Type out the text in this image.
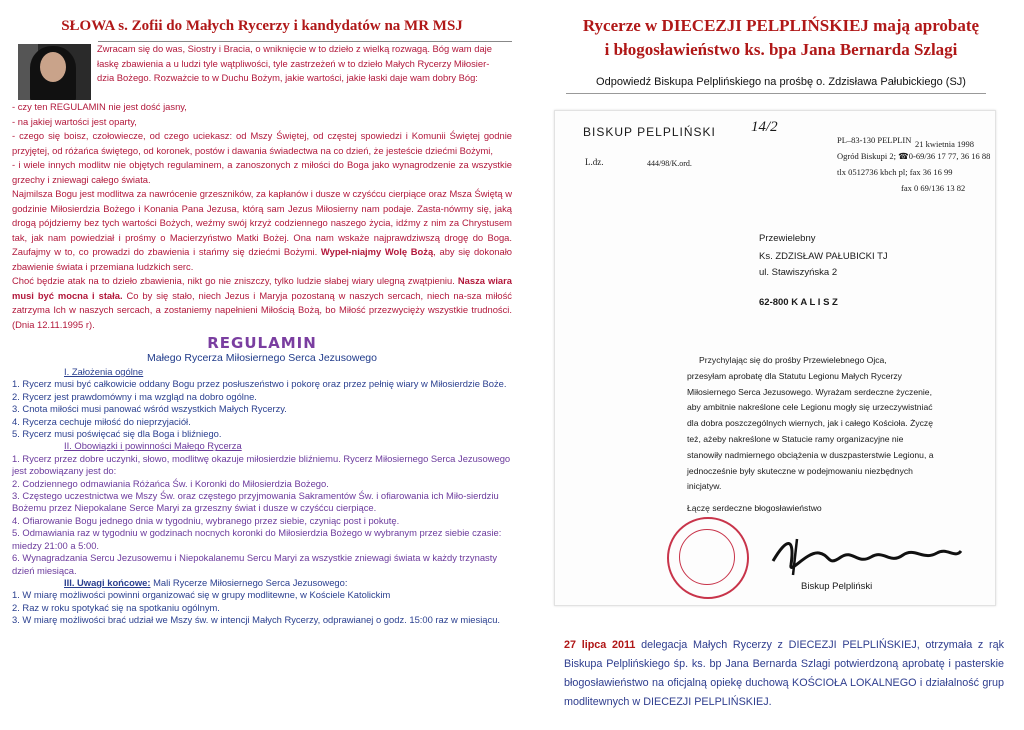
SŁOWA s. Zofii do Małych Rycerzy i kandydatów na MR MSJ

Zwracam się do was, Siostry i Bracia, o wniknięcie w to dzieło z wielką rozwagą. Bóg wam daje

łaskę zbawienia a u ludzi tyle wątpliwości, tyle zastrzeżeń w to dzieło Małych Rycerzy Miłosier-

dzia Bożego. Rozważcie to w Duchu Bożym, jakie wartości, jakie łaski daje wam dobry Bóg:

- czy ten REGULAMIN nie jest dość jasny,

- na jakiej wartości jest oparty,

- czego się boisz, czołowiecze, od czego uciekasz: od Mszy Świętej, od częstej spowiedzi i Komunii Świętej godnie przyjętej, od różańca świętego, od koronek, postów i dawania świadectwa na co dzień, że jesteście dziećmi Bożymi,

- i wiele innych modlitw nie objętych regulaminem, a zanoszonych z miłości do Boga jako wynagrodzenie za wszystkie grzechy i zniewagi całego świata.

Najmilsza Bogu jest modlitwa za nawrócenie grzeszników, za kapłanów i dusze w czyśćcu cierpiące oraz Msza Świętą w godzinie Miłosierdzia Bożego i Konania Pana Jezusa, którą sam Jezus Miłosierny nam podaje. Zasta-nówmy się, jaką drogą pójdziemy bez tych wartości Bożych, weźmy swój krzyż codziennego naszego życia, idźmy z nim za Chrystusem tak, jak nam powiedział i prośmy o Macierzyństwo Matki Bożej. Ona nam wskaże najprawdziwszą drogę do Boga. Zaufajmy w to, co prowadzi do zbawienia i stańmy się dziećmi Bożymi. Wypeł-niajmy Wolę Bożą, aby się dokonało zbawienie świata i przemiana ludzkich serc.

Choć będzie atak na to dzieło zbawienia, nikt go nie zniszczy, tylko ludzie słabej wiary ulegną zwątpieniu. Nasza wiara musi być mocna i stała. Co by się stało, niech Jezus i Maryja pozostaną w naszych sercach, niech na-sza miłość zatrzyma Ich w naszych sercach, a zostaniemy napełnieni Miłością Bożą, bo Miłość przezwycięży wszystkie trudności. (Dnia 12.11.1995 r).

REGULAMIN
Małego Rycerza Miłosiernego Serca Jezusowego

I. Założenia ogólne

1. Rycerz musi być całkowicie oddany Bogu przez posłuszeństwo i pokorę oraz przez pełnię wiary w Miłosierdzie Boże.

2. Rycerz jest prawdomówny i ma wzgląd na dobro ogólne.

3. Cnota miłości musi panować wśród wszystkich Małych Rycerzy.

4. Rycerza cechuje miłość do nieprzyjaciół.

5. Rycerz musi poświęcać się dla Boga i bliźniego.

II. Obowiązki i powinności Małego Rycerza

1. Rycerz przez dobre uczynki, słowo, modlitwę okazuje miłosierdzie bliźniemu. Rycerz Miłosiernego Serca Jezusowego jest zobowiązany jest do:

2. Codziennego odmawiania Różańca Św. i Koronki do Miłosierdzia Bożego.

3. Częstego uczestnictwa we Mszy Św. oraz częstego przyjmowania Sakramentów Św. i ofiarowania ich Miło-sierdziu Bożemu przez Niepokalane Serce Maryi za grzeszny świat i dusze w czyśćcu cierpiące.

4. Ofiarowanie Bogu jednego dnia w tygodniu, wybranego przez siebie, czyniąc post i pokutę.

5. Odmawiania raz w tygodniu w godzinach nocnych koronki do Miłosierdzia Bożego w wybranym przez siebie czasie: miedzy 21:00 a 5:00.

6. Wynagradzania Sercu Jezusowemu i Niepokalanemu Sercu Maryi za wszystkie zniewagi świata w każdy trzynasty dzień miesiąca.

III. Uwagi końcowe: Mali Rycerze Miłosiernego Serca Jezusowego:

1. W miarę możliwości powinni organizować się w grupy modlitewne, w Kościele Katolickim

2. Raz w roku spotykać się na spotkaniu ogólnym.

3. W miarę możliwości brać udział we Mszy św. w intencji Małych Rycerzy, odprawianej o godz. 15:00 raz w miesiącu.

Rycerze w DIECEZJI PELPLIŃSKIEJ mają aprobatę
i błogosławieństwo ks. bpa Jana Bernarda Szlagi
Odpowiedź Biskupa Pelplińskiego na prośbę o. Zdzisława Pałubickiego (SJ)
BISKUP PELPLIŃSKI 14/2
L.dz.	444/98/K.ord.
PL–83-130 PELPLIN 21 kwietnia 1998
Ogród Biskupi 2; ☎0-69/36 17 77, 36 16 88
tlx 0512736 kbch pl; fax 36 16 99
fax 0 69/136 13 82
Przewielebny
Ks. ZDZISŁAW PAŁUBICKI TJ
ul. Stawiszyńska 2
62-800 K A L I S Z
Przychylając się do prośby Przewielebnego Ojca,
przesyłam aprobatę dla Statutu Legionu Małych Rycerzy
Miłosiernego Serca Jezusowego. Wyrażam serdeczne życzenie,
aby ambitnie nakreślone cele Legionu mogły się urzeczywistniać
dla dobra poszczególnych wiernych, jak i całego Kościoła. Życzę
też, ażeby nakreślone w Statucie ramy organizacyjne nie
stanowiły nadmiernego obciążenia w duszpasterstwie Legionu, a
jednocześnie były skuteczne w podejmowaniu niezbędnych
inicjatyw.
Łączę serdeczne błogosławieństwo
Biskup Pelpliński
27 lipca 2011 delegacja Małych Rycerzy z DIECEZJI PELPLIŃSKIEJ, otrzymała z rąk Biskupa Pelplińskiego śp. ks. bp Jana Bernarda Szlagi potwierdzoną aprobatę i pasterskie błogosławieństwo na oficjalną opiekę duchową KOŚCIOŁA LOKALNEGO i działalność grup modlitewnych w DIECEZJI PELPLIŃSKIEJ.
